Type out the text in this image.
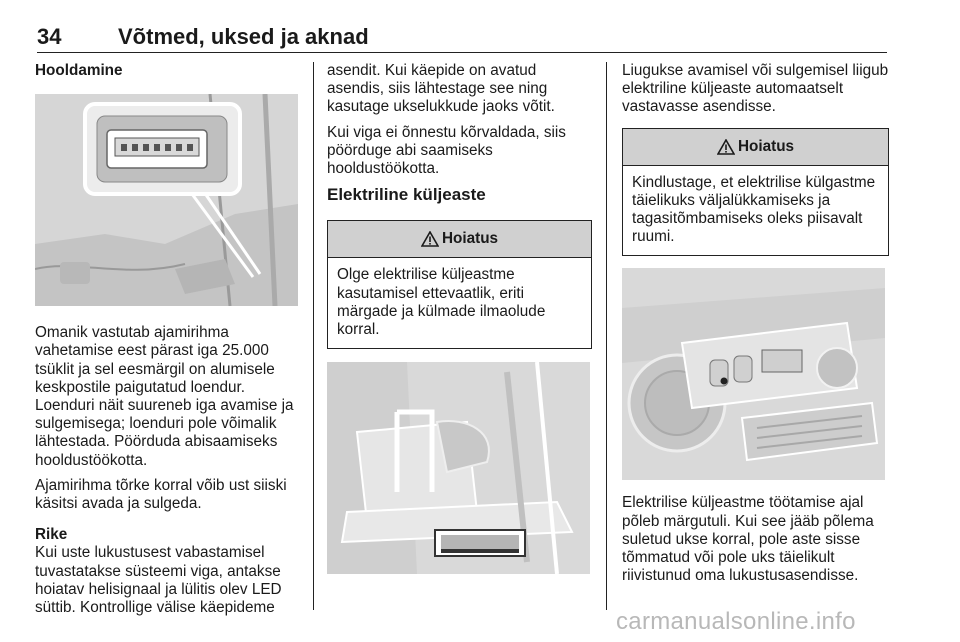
34	Võtmed, uksed ja aknad
Hooldamine

Omanik vastutab ajamirihma vahetamise eest pärast iga 25.000 tsüklit ja sel eesmärgil on alumisele keskpostile paigutatud loendur. Loenduri näit suureneb iga avamise ja sulgemisega; loenduri pole võimalik lähtestada. Pöörduda abisaamiseks hooldustöökotta.

Ajamirihma tõrke korral võib ust siiski käsitsi avada ja sulgeda.

Rike

Kui uste lukustusest vabastamisel tuvastatakse süsteemi viga, antakse hoiatav helisignaal ja lülitis olev LED süttib. Kontrollige välise käepideme

asendit. Kui käepide on avatud asendis, siis lähtestage see ning kasutage ukselukkude jaoks võtit.

Kui viga ei õnnestu kõrvaldada, siis pöörduge abi saamiseks hooldustöökotta.

Elektriline küljeaste
Hoiatus

Olge elektrilise küljeastme kasutamisel ettevaatlik, eriti märgade ja külmade ilmaolude korral.

Liugukse avamisel või sulgemisel liigub elektriline küljeaste automaatselt vastavasse asendisse.

Hoiatus

Kindlustage, et elektrilise külgastme täielikuks väljalükkamiseks ja tagasitõmbamiseks oleks piisavalt ruumi.

Elektrilise küljeastme töötamise ajal põleb märgutuli. Kui see jääb põlema suletud ukse korral, pole aste sisse tõmmatud või pole uks täielikult riivistunud oma lukustusasendisse.

carmanualsonline.info
